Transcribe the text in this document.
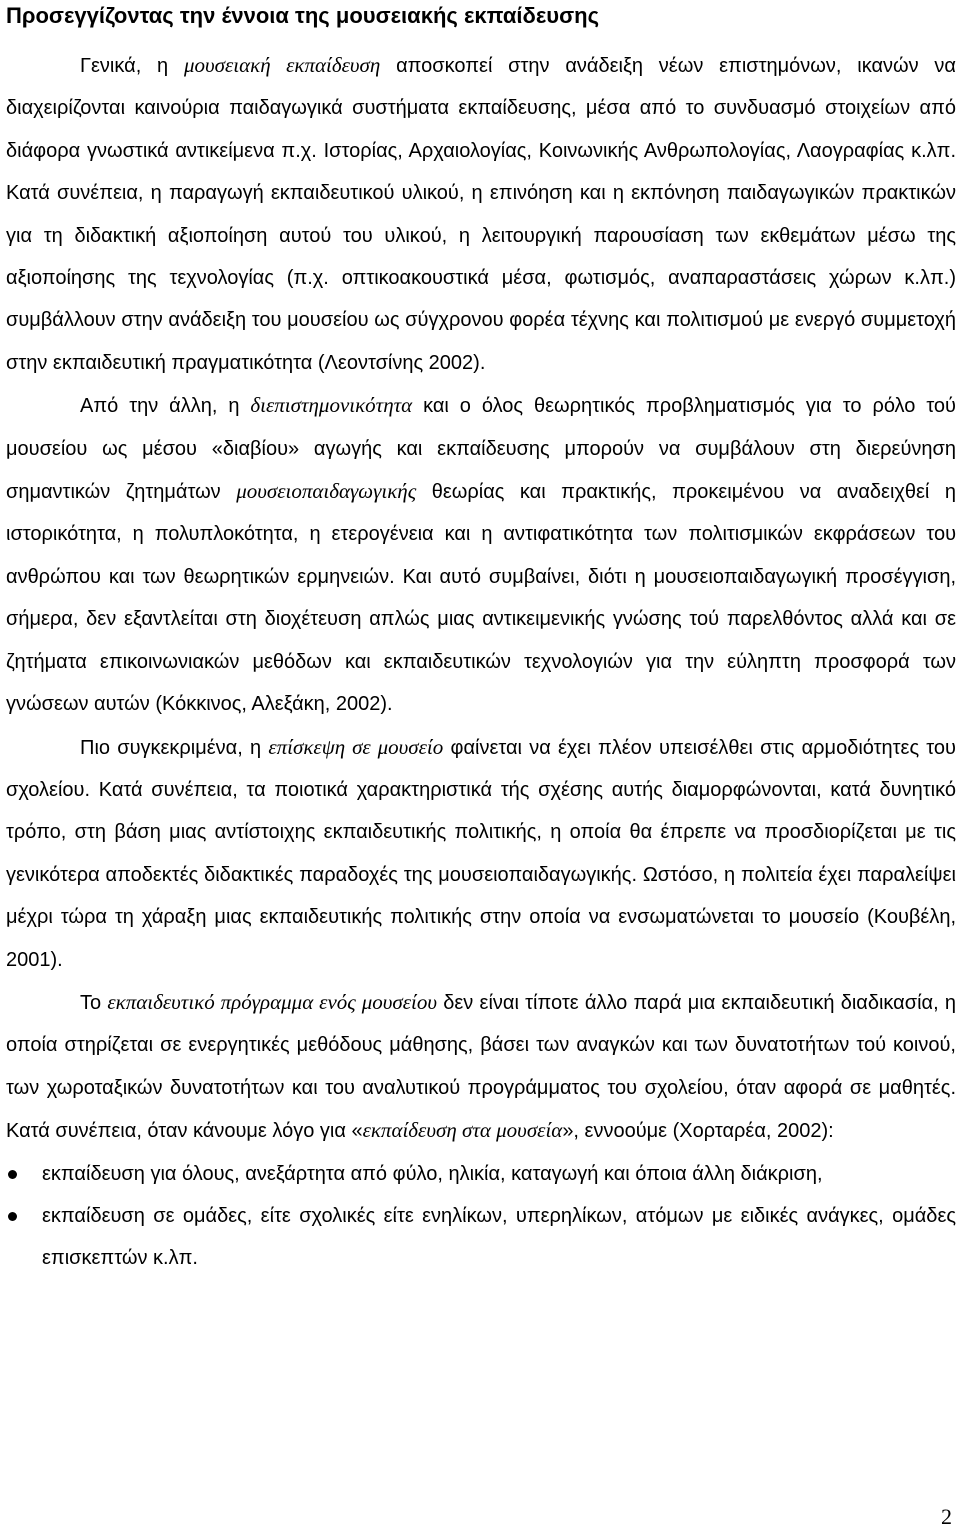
Προσεγγίζοντας την έννοια της μουσειακής εκπαίδευσης

Γενικά, η μουσειακή εκπαίδευση αποσκοπεί στην ανάδειξη νέων επιστημόνων, ικανών να διαχειρίζονται καινούρια παιδαγωγικά συστήματα εκπαίδευσης, μέσα από το συνδυασμό στοιχείων από διάφορα γνωστικά αντικείμενα π.χ. Ιστορίας, Αρχαιολογίας, Κοινωνικής Ανθρωπολογίας, Λαογραφίας κ.λπ. Κατά συνέπεια, η παραγωγή εκπαιδευτικού υλικού, η επινόηση και η εκπόνηση παιδαγωγικών πρακτικών για τη διδακτική αξιοποίηση αυτού του υλικού, η λειτουργική παρουσίαση των εκθεμάτων μέσω της αξιοποίησης της τεχνολογίας (π.χ. οπτικοακουστικά μέσα, φωτισμός, αναπαραστάσεις χώρων κ.λπ.) συμβάλλουν στην ανάδειξη του μουσείου ως σύγχρονου φορέα τέχνης και πολιτισμού με ενεργό συμμετοχή στην εκπαιδευτική πραγματικότητα (Λεοντσίνης 2002).

Από την άλλη, η διεπιστημονικότητα και ο όλος θεωρητικός προβληματισμός για το ρόλο τού μουσείου ως μέσου «διαβίου» αγωγής και εκπαίδευσης μπορούν να συμβάλουν στη διερεύνηση σημαντικών ζητημάτων μουσειοπαιδαγωγικής θεωρίας και πρακτικής, προκειμένου να αναδειχθεί η ιστορικότητα, η πολυπλοκότητα, η ετερογένεια και η αντιφατικότητα των πολιτισμικών εκφράσεων του ανθρώπου και των θεωρητικών ερμηνειών. Και αυτό συμβαίνει, διότι η μουσειοπαιδαγωγική προσέγγιση, σήμερα, δεν εξαντλείται στη διοχέτευση απλώς μιας αντικειμενικής γνώσης τού παρελθόντος αλλά και σε ζητήματα επικοινωνιακών μεθόδων και εκπαιδευτικών τεχνολογιών για την εύληπτη προσφορά των γνώσεων αυτών (Κόκκινος, Αλεξάκη, 2002).

Πιο συγκεκριμένα, η επίσκεψη σε μουσείο φαίνεται να έχει πλέον υπεισέλθει στις αρμοδιότητες του σχολείου. Κατά συνέπεια, τα ποιοτικά χαρακτηριστικά τής σχέσης αυτής διαμορφώνονται, κατά δυνητικό τρόπο, στη βάση μιας αντίστοιχης εκπαιδευτικής πολιτικής, η οποία θα έπρεπε να προσδιορίζεται με τις γενικότερα αποδεκτές διδακτικές παραδοχές της μουσειοπαιδαγωγικής. Ωστόσο, η πολιτεία έχει παραλείψει μέχρι τώρα τη χάραξη μιας εκπαιδευτικής πολιτικής στην οποία να ενσωματώνεται το μουσείο (Κουβέλη, 2001).

Το εκπαιδευτικό πρόγραμμα ενός μουσείου δεν είναι τίποτε άλλο παρά μια εκπαιδευτική διαδικασία, η οποία στηρίζεται σε ενεργητικές μεθόδους μάθησης, βάσει των αναγκών και των δυνατοτήτων τού κοινού, των χωροταξικών δυνατοτήτων και του αναλυτικού προγράμματος του σχολείου, όταν αφορά σε μαθητές. Κατά συνέπεια, όταν κάνουμε λόγο για «εκπαίδευση στα μουσεία», εννοούμε (Χορταρέα, 2002):

εκπαίδευση για όλους, ανεξάρτητα από φύλο, ηλικία, καταγωγή και όποια άλλη διάκριση,
εκπαίδευση σε ομάδες, είτε σχολικές είτε ενηλίκων, υπερηλίκων, ατόμων με ειδικές ανάγκες, ομάδες επισκεπτών κ.λπ.
2
